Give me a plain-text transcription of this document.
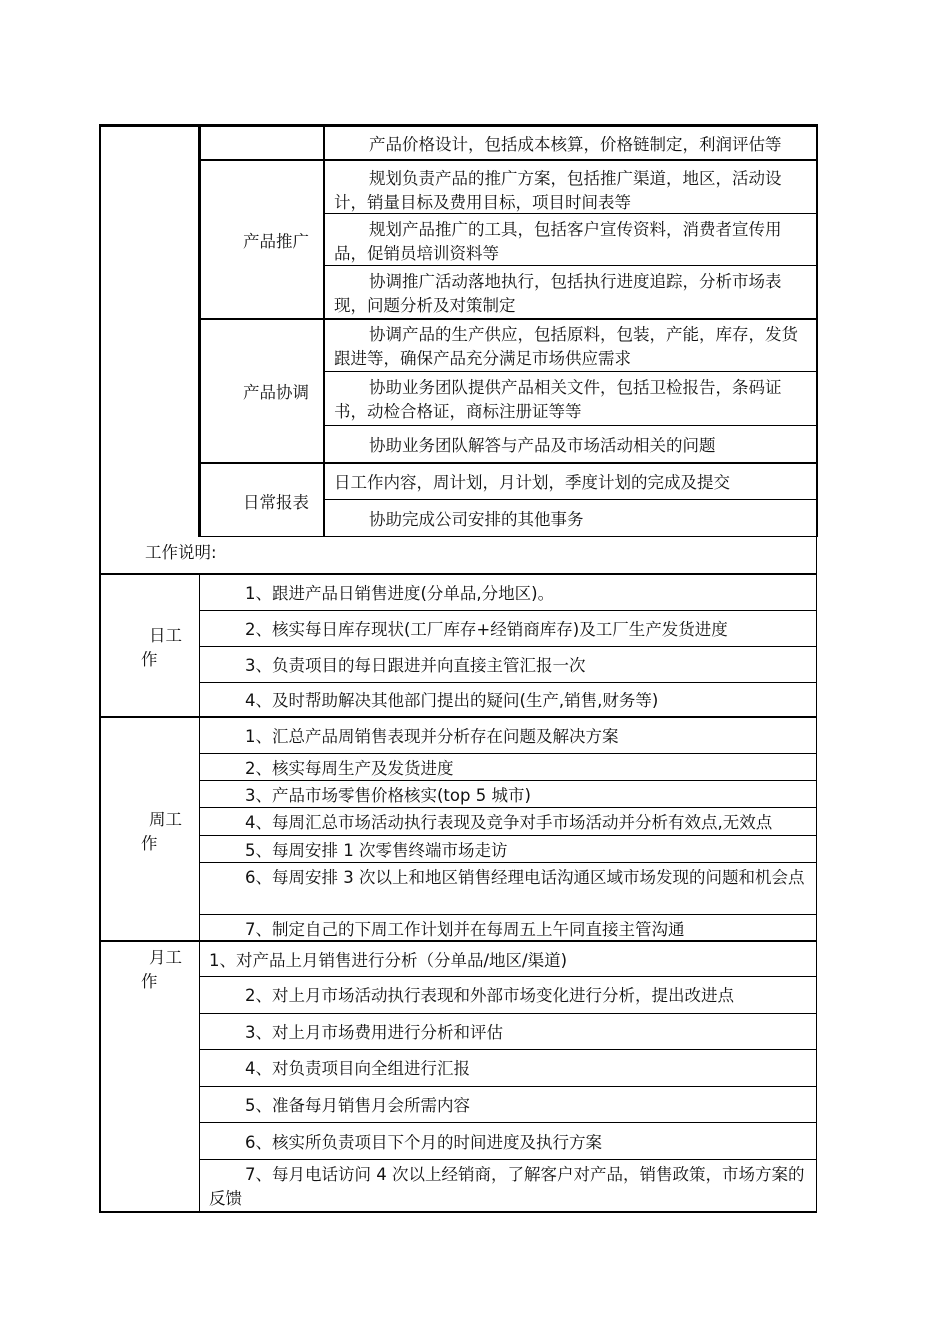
产品推广
产品协调
日常报表
产品价格设计，包括成本核算，价格链制定，利润评估等
规划负责产品的推广方案，包括推广渠道，地区，活动设计，销量目标及费用目标，项目时间表等
规划产品推广的工具，包括客户宣传资料，消费者宣传用品，促销员培训资料等
协调推广活动落地执行，包括执行进度追踪，分析市场表现，问题分析及对策制定
协调产品的生产供应，包括原料，包装，产能，库存，发货跟进等，确保产品充分满足市场供应需求
协助业务团队提供产品相关文件，包括卫检报告，条码证书，动检合格证，商标注册证等等
协助业务团队解答与产品及市场活动相关的问题
日工作内容，周计划，月计划，季度计划的完成及提交
协助完成公司安排的其他事务
工作说明:
日工
作
1、跟进产品日销售进度(分单品,分地区)。
2、核实每日库存现状(工厂库存+经销商库存)及工厂生产发货进度
3、负责项目的每日跟进并向直接主管汇报一次
4、及时帮助解决其他部门提出的疑问(生产,销售,财务等)
周工
作
1、汇总产品周销售表现并分析存在问题及解决方案
2、核实每周生产及发货进度
3、产品市场零售价格核实(top 5 城市)
4、每周汇总市场活动执行表现及竞争对手市场活动并分析有效点,无效点
5、每周安排 1 次零售终端市场走访
6、每周安排 3 次以上和地区销售经理电话沟通区域市场发现的问题和机会点
7、制定自己的下周工作计划并在每周五上午同直接主管沟通
月工
作
1、对产品上月销售进行分析（分单品/地区/渠道)
2、对上月市场活动执行表现和外部市场变化进行分析，提出改进点
3、对上月市场费用进行分析和评估
4、对负责项目向全组进行汇报
5、准备每月销售月会所需内容
6、核实所负责项目下个月的时间进度及执行方案
7、每月电话访问 4 次以上经销商，了解客户对产品，销售政策，市场方案的反馈
